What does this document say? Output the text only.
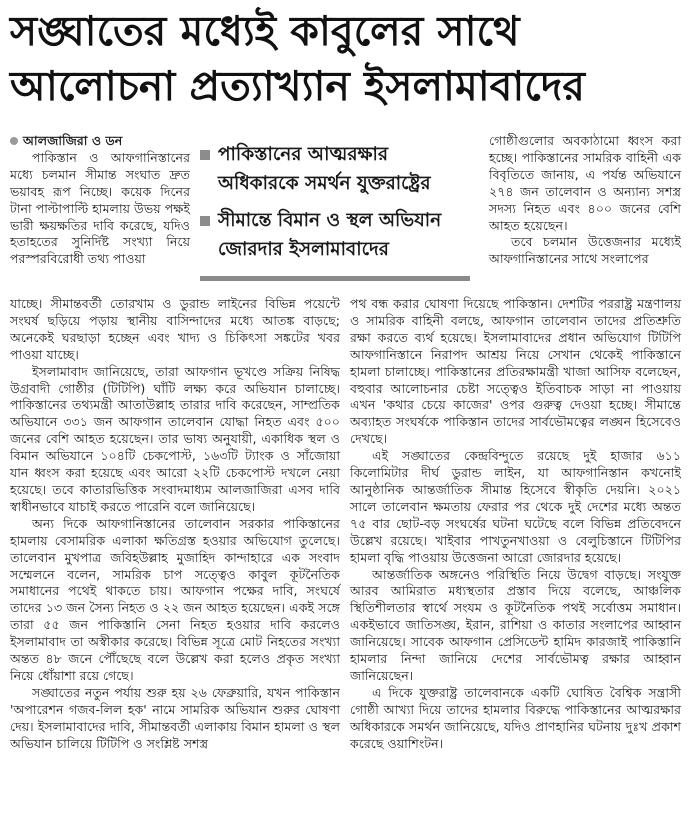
সঙ্ঘাতের মধ্যেই কাবুলের সাথে
আলোচনা প্রত্যাখ্যান ইসলামাবাদের
আলজাজিরা ও ডন

পাকিস্তান ও আফগানিস্তানের মধ্যে চলমান সীমান্ত সংঘাত দ্রুত ভয়াবহ রূপ নিচ্ছে। কয়েক দিনের টানা পাল্টাপাল্টি হামলায় উভয় পক্ষই ভারী ক্ষয়ক্ষতির দাবি করেছে, যদিও হতাহতের সুনির্দিষ্ট সংখ্যা নিয়ে পরস্পরবিরোধী তথ্য পাওয়া

পাকিস্তানের আত্মরক্ষার অধিকারকে সমর্থন যুক্তরাষ্ট্রের
সীমান্তে বিমান ও স্থল অভিযান জোরদার ইসলামাবাদের

গোষ্ঠীগুলোর অবকাঠামো ধ্বংস করা হচ্ছে। পাকিস্তানের সামরিক বাহিনী এক বিবৃতিতে জানায়, এ পর্যন্ত অভিযানে ২৭৪ জন তালেবান ও অন্যান্য সশস্ত্র সদস্য নিহত এবং ৪০০ জনের বেশি আহত হয়েছেন।

তবে চলমান উত্তেজনার মধ্যেই আফগানিস্তানের সাথে সংলাপের

যাচ্ছে। সীমান্তবর্তী তোরখাম ও ডুরান্ড লাইনের বিভিন্ন পয়েন্টে সংঘর্ষ ছড়িয়ে পড়ায় স্থানীয় বাসিন্দাদের মধ্যে আতঙ্ক বাড়ছে; অনেকেই ঘরছাড়া হচ্ছেন এবং খাদ্য ও চিকিৎসা সঙ্কটের খবর পাওয়া যাচ্ছে।

ইসলামাবাদ জানিয়েছে, তারা আফগান ভূখণ্ডে সক্রিয় নিষিদ্ধ উগ্রবাদী গোষ্ঠীর (টিটিপি) ঘাঁটি লক্ষ্য করে অভিযান চালাচ্ছে। পাকিস্তানের তথ্যমন্ত্রী আতাউল্লাহ তারার দাবি করেছেন, সাম্প্রতিক অভিযানে ৩৩১ জন আফগান তালেবান যোদ্ধা নিহত এবং ৫০০ জনের বেশি আহত হয়েছেন। তার ভাষ্য অনুযায়ী, একাধিক স্থল ও বিমান অভিযানে ১০৪টি চেকপোস্ট, ১৬৩টি ট্যাংক ও সাঁজোয়া যান ধ্বংস করা হয়েছে এবং আরো ২২টি চেকপোস্ট দখলে নেয়া হয়েছে। তবে কাতারভিত্তিক সংবাদমাধ্যম আলজাজিরা এসব দাবি স্বাধীনভাবে যাচাই করতে পারেনি বলে জানিয়েছে।

অন্য দিকে আফগানিস্তানের তালেবান সরকার পাকিস্তানের হামলায় বেসামরিক এলাকা ক্ষতিগ্রস্ত হওয়ার অভিযোগ তুলেছে। তালেবান মুখপাত্র জবিহউল্লাহ মুজাহিদ কান্দাহারে এক সংবাদ সম্মেলনে বলেন, সামরিক চাপ সত্ত্বেও কাবুল কূটনৈতিক সমাধানের পথেই থাকতে চায়। আফগান পক্ষের দাবি, সংঘর্ষে তাদের ১৩ জন সৈন্য নিহত ও ২২ জন আহত হয়েছেন। একই সঙ্গে তারা ৫৫ জন পাকিস্তানি সেনা নিহত হওয়ার দাবি করলেও ইসলামাবাদ তা অস্বীকার করেছে। বিভিন্ন সূত্রে মোট নিহতের সংখ্যা অন্তত ৪৮ জনে পৌঁছেছে বলে উল্লেখ করা হলেও প্রকৃত সংখ্যা নিয়ে ধোঁয়াশা রয়ে গেছে।

সঙ্ঘাতের নতুন পর্যায় শুরু হয় ২৬ ফেব্রুয়ারি, যখন পাকিস্তান 'অপারেশন গজব-লিল হক' নামে সামরিক অভিযান শুরুর ঘোষণা দেয়। ইসলামাবাদের দাবি, সীমান্তবর্তী এলাকায় বিমান হামলা ও স্থল অভিযান চালিয়ে টিটিপি ও সংশ্লিষ্ট সশস্ত্র

পথ বন্ধ করার ঘোষণা দিয়েছে পাকিস্তান। দেশটির পররাষ্ট্র মন্ত্রণালয় ও সামরিক বাহিনী বলছে, আফগান তালেবান তাদের প্রতিশ্রুতি রক্ষা করতে ব্যর্থ হয়েছে। ইসলামাবাদের প্রধান অভিযোগ টিটিপি আফগানিস্তানে নিরাপদ আশ্রয় নিয়ে সেখান থেকেই পাকিস্তানে হামলা চালাচ্ছে। পাকিস্তানের প্রতিরক্ষামন্ত্রী খাজা আসিফ বলেছেন, বহুবার আলোচনার চেষ্টা সত্ত্বেও ইতিবাচক সাড়া না পাওয়ায় এখন 'কথার চেয়ে কাজের' ওপর গুরুত্ব দেওয়া হচ্ছে। সীমান্তে অব্যাহত সংঘর্ষকে পাকিস্তান তাদের সার্বভৌমত্বের লঙ্ঘন হিসেবেও দেখছে।

এই সঙ্ঘাতের কেন্দ্রবিন্দুতে রয়েছে দুই হাজার ৬১১ কিলোমিটার দীর্ঘ ডুরান্ড লাইন, যা আফগানিস্তান কখনোই আনুষ্ঠানিক আন্তর্জাতিক সীমান্ত হিসেবে স্বীকৃতি দেয়নি। ২০২১ সালে তালেবান ক্ষমতায় ফেরার পর থেকে দুই দেশের মধ্যে অন্তত ৭৫ বার ছোট-বড় সংঘর্ষের ঘটনা ঘটেছে বলে বিভিন্ন প্রতিবেদনে উল্লেখ রয়েছে। খাইবার পাখতুনখাওয়া ও বেলুচিস্তানে টিটিপির হামলা বৃদ্ধি পাওয়ায় উত্তেজনা আরো জোরদার হয়েছে।

আন্তর্জাতিক অঙ্গনেও পরিস্থিতি নিয়ে উদ্বেগ বাড়ছে। সংযুক্ত আরব আমিরাত মধ্যস্থতার প্রস্তাব দিয়ে বলেছে, আঞ্চলিক স্থিতিশীলতার স্বার্থে সংযম ও কূটনৈতিক পথই সর্বোত্তম সমাধান। একইভাবে জাতিসঙ্ঘ, ইরান, রাশিয়া ও কাতার সংলাপের আহ্বান জানিয়েছে। সাবেক আফগান প্রেসিডেন্ট হামিদ কারজাই পাকিস্তানি হামলার নিন্দা জানিয়ে দেশের সার্বভৌমত্ব রক্ষার আহ্বান জানিয়েছেন।

এ দিকে যুক্তরাষ্ট্র তালেবানকে একটি ঘোষিত বৈশ্বিক সন্ত্রাসী গোষ্ঠী আখ্যা দিয়ে তাদের হামলার বিরুদ্ধে পাকিস্তানের আত্মরক্ষার অধিকারকে সমর্থন জানিয়েছে, যদিও প্রাণহানির ঘটনায় দুঃখ প্রকাশ করেছে ওয়াশিংটন।
